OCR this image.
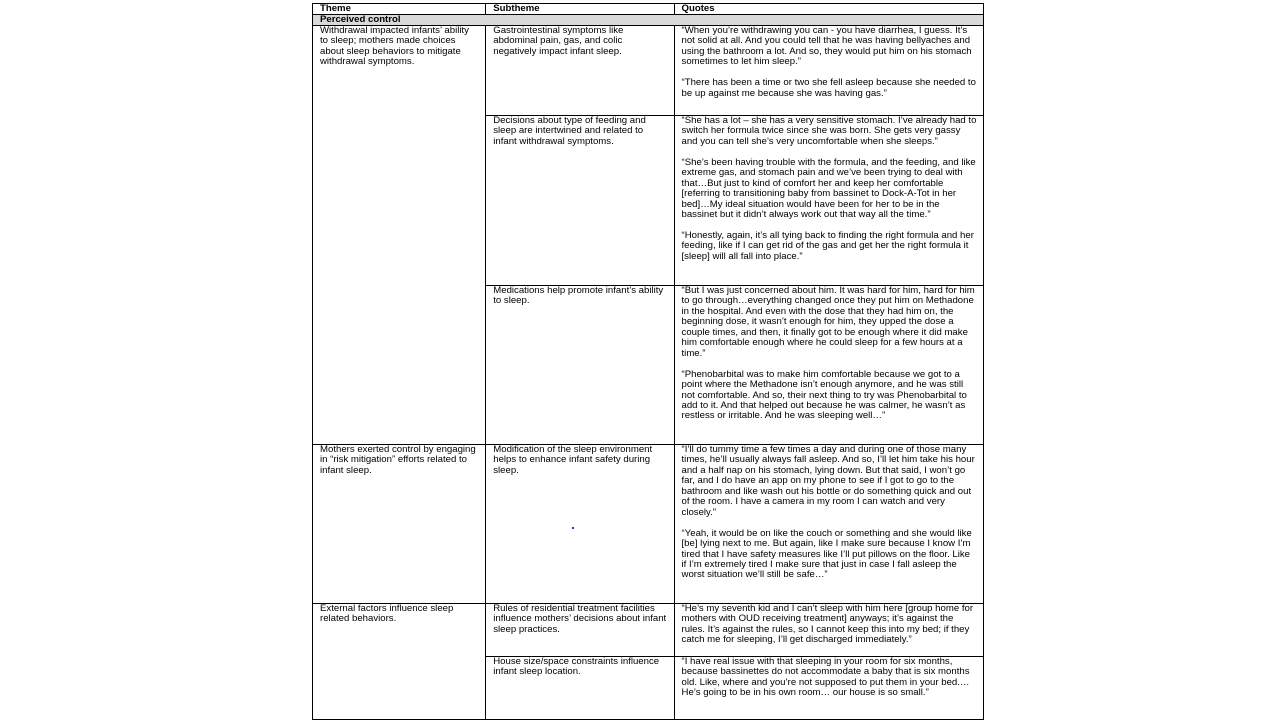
Theme	Subtheme	Quotes
Perceived control		
Withdrawal impacted infants’ ability to sleep; mothers made choices about sleep behaviors to mitigate withdrawal symptoms.	Gastrointestinal symptoms like abdominal pain, gas, and colic negatively impact infant sleep.	“When you’re withdrawing you can - you have diarrhea, I guess. It’s not solid at all. And you could tell that he was having bellyaches and using the bathroom a lot. And so, they would put him on his stomach sometimes to let him sleep.”

“There has been a time or two she fell asleep because she needed to be up against me because she was having gas.”

	Decisions about type of feeding and sleep are intertwined and related to infant withdrawal symptoms.	“She has a lot – she has a very sensitive stomach. I’ve already had to switch her formula twice since she was born. She gets very gassy and you can tell she’s very uncomfortable when she sleeps.”

“She’s been having trouble with the formula, and the feeding, and like extreme gas, and stomach pain and we’ve been trying to deal with that…But just to kind of comfort her and keep her comfortable [referring to transitioning baby from bassinet to Dock-A-Tot in her bed]…My ideal situation would have been for her to be in the bassinet but it didn’t always work out that way all the time.”

“Honestly, again, it’s all tying back to finding the right formula and her feeding, like if I can get rid of the gas and get her the right formula it [sleep] will all fall into place.”

	Medications help promote infant’s ability to sleep.	“But I was just concerned about him. It was hard for him, hard for him to go through…everything changed once they put him on Methadone in the hospital. And even with the dose that they had him on, the beginning dose, it wasn’t enough for him, they upped the dose a couple times, and then, it finally got to be enough where it did make him comfortable enough where he could sleep for a few hours at a time.”

“Phenobarbital was to make him comfortable because we got to a point where the Methadone isn’t enough anymore, and he was still not comfortable. And so, their next thing to try was Phenobarbital to add to it. And that helped out because he was calmer, he wasn’t as restless or irritable. And he was sleeping well…”

Mothers exerted control by engaging in “risk mitigation” efforts related to infant sleep.	Modification of the sleep environment helps to enhance infant safety during sleep.	“I’ll do tummy time a few times a day and during one of those many times, he’ll usually always fall asleep. And so, I’ll let him take his hour and a half nap on his stomach, lying down. But that said, I won’t go far, and I do have an app on my phone to see if I got to go to the bathroom and like wash out his bottle or do something quick and out of the room. I have a camera in my room I can watch and very closely.”

“Yeah, it would be on like the couch or something and she would like [be] lying next to me. But again, like I make sure because I know I’m tired that I have safety measures like I’ll put pillows on the floor. Like if I’m extremely tired I make sure that just in case I fall asleep the worst situation we’ll still be safe…”

External factors influence sleep related behaviors.	Rules of residential treatment facilities influence mothers’ decisions about infant sleep practices.	“He’s my seventh kid and I can’t sleep with him here [group home for mothers with OUD receiving treatment] anyways; it’s against the rules. It’s against the rules, so I cannot keep this into my bed; if they catch me for sleeping, I’ll get discharged immediately.”

	House size/space constraints influence infant sleep location.	“I have real issue with that sleeping in your room for six months, because bassinettes do not accommodate a baby that is six months old. Like, where and you’re not supposed to put them in your bed.… He’s going to be in his own room… our house is so small.”
